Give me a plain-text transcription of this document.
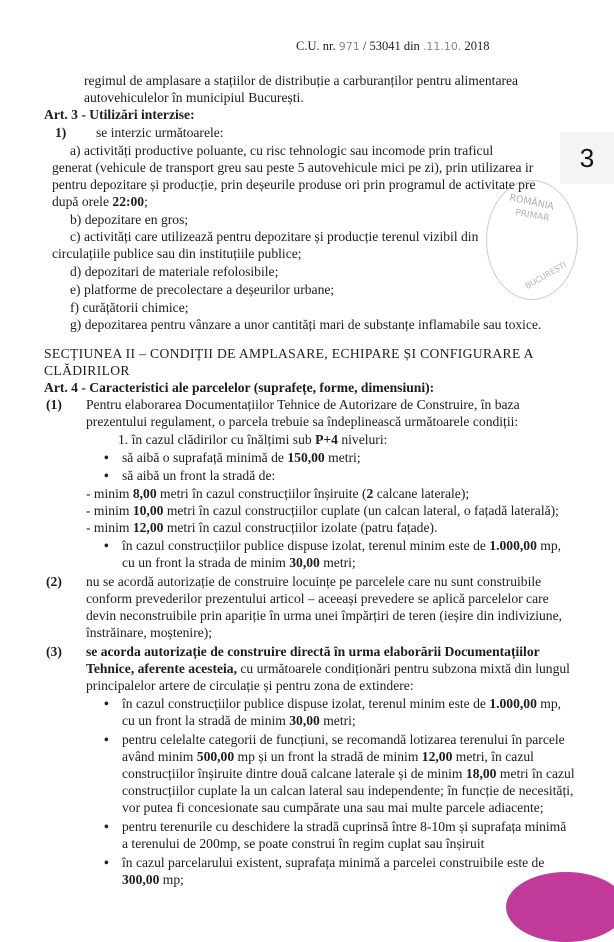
C.U. nr. 971 / 53041 din .11.10. 2018
3
ROMÂNIA
PRIMAR
BUCUREȘTI
regimul de amplasare a stațiilor de distribuție a carburanților pentru alimentarea
autovehiculelor în municipiul București.
Art. 3 - Utilizări interzise:
1) se interzic următoarele:
a) activități productive poluante, cu risc tehnologic sau incomode prin traficul
generat (vehicule de transport greu sau peste 5 autovehicule mici pe zi), prin utilizarea ir
pentru depozitare și producție, prin deșeurile produse ori prin programul de activitate pre
după orele 22:00;
b) depozitare en gros;
c) activități care utilizează pentru depozitare și producție terenul vizibil din
circulațiile publice sau din instituțiile publice;
d) depozitari de materiale refolosibile;
e) platforme de precolectare a deșeurilor urbane;
f) curățătorii chimice;
g) depozitarea pentru vânzare a unor cantități mari de substanțe inflamabile sau toxice.
SECȚIUNEA II – CONDIȚII DE AMPLASARE, ECHIPARE ȘI CONFIGURARE A
CLĂDIRILOR
Art. 4 - Caracteristici ale parcelelor (suprafețe, forme, dimensiuni):
(1) Pentru elaborarea Documentațiilor Tehnice de Autorizare de Construire, în baza
prezentului regulament, o parcela trebuie sa îndeplinească următoarele condiții:
1. în cazul clădirilor cu înălțimi sub P+4 niveluri:
• să aibă o suprafață minimă de 150,00 metri;
• să aibă un front la stradă de:
- minim 8,00 metri în cazul construcțiilor înșiruite (2 calcane laterale);
- minim 10,00 metri în cazul construcțiilor cuplate (un calcan lateral, o fațadă laterală);
- minim 12,00 metri în cazul construcțiilor izolate (patru fațade).
• în cazul construcțiilor publice dispuse izolat, terenul minim este de 1.000,00 mp,
cu un front la strada de minim 30,00 metri;
(2) nu se acordă autorizație de construire locuințe pe parcelele care nu sunt construibile
conform prevederilor prezentului articol – aceeași prevedere se aplică parcelelor care
devin neconstruibile prin apariție în urma unei împărțiri de teren (ieșire din indiviziune,
înstrăinare, moștenire);
(3) se acorda autorizație de construire directă în urma elaborării Documentațiilor
Tehnice, aferente acesteia, cu următoarele condiționări pentru subzona mixtă din lungul
principalelor artere de circulație și pentru zona de extindere:
• în cazul construcțiilor publice dispuse izolat, terenul minim este de 1.000,00 mp,
cu un front la stradă de minim 30,00 metri;
• pentru celelalte categorii de funcțiuni, se recomandă lotizarea terenului în parcele
având minim 500,00 mp și un front la stradă de minim 12,00 metri, în cazul
construcțiilor înșiruite dintre două calcane laterale și de minim 18,00 metri în cazul
construcțiilor cuplate la un calcan lateral sau independente; în funcție de necesități,
vor putea fi concesionate sau cumpărate una sau mai multe parcele adiacente;
• pentru terenurile cu deschidere la stradă cuprinsă între 8-10m și suprafața minimă
a terenului de 200mp, se poate construi în regim cuplat sau înșiruit
• în cazul parcelarului existent, suprafața minimă a parcelei construibile este de
300,00 mp;
